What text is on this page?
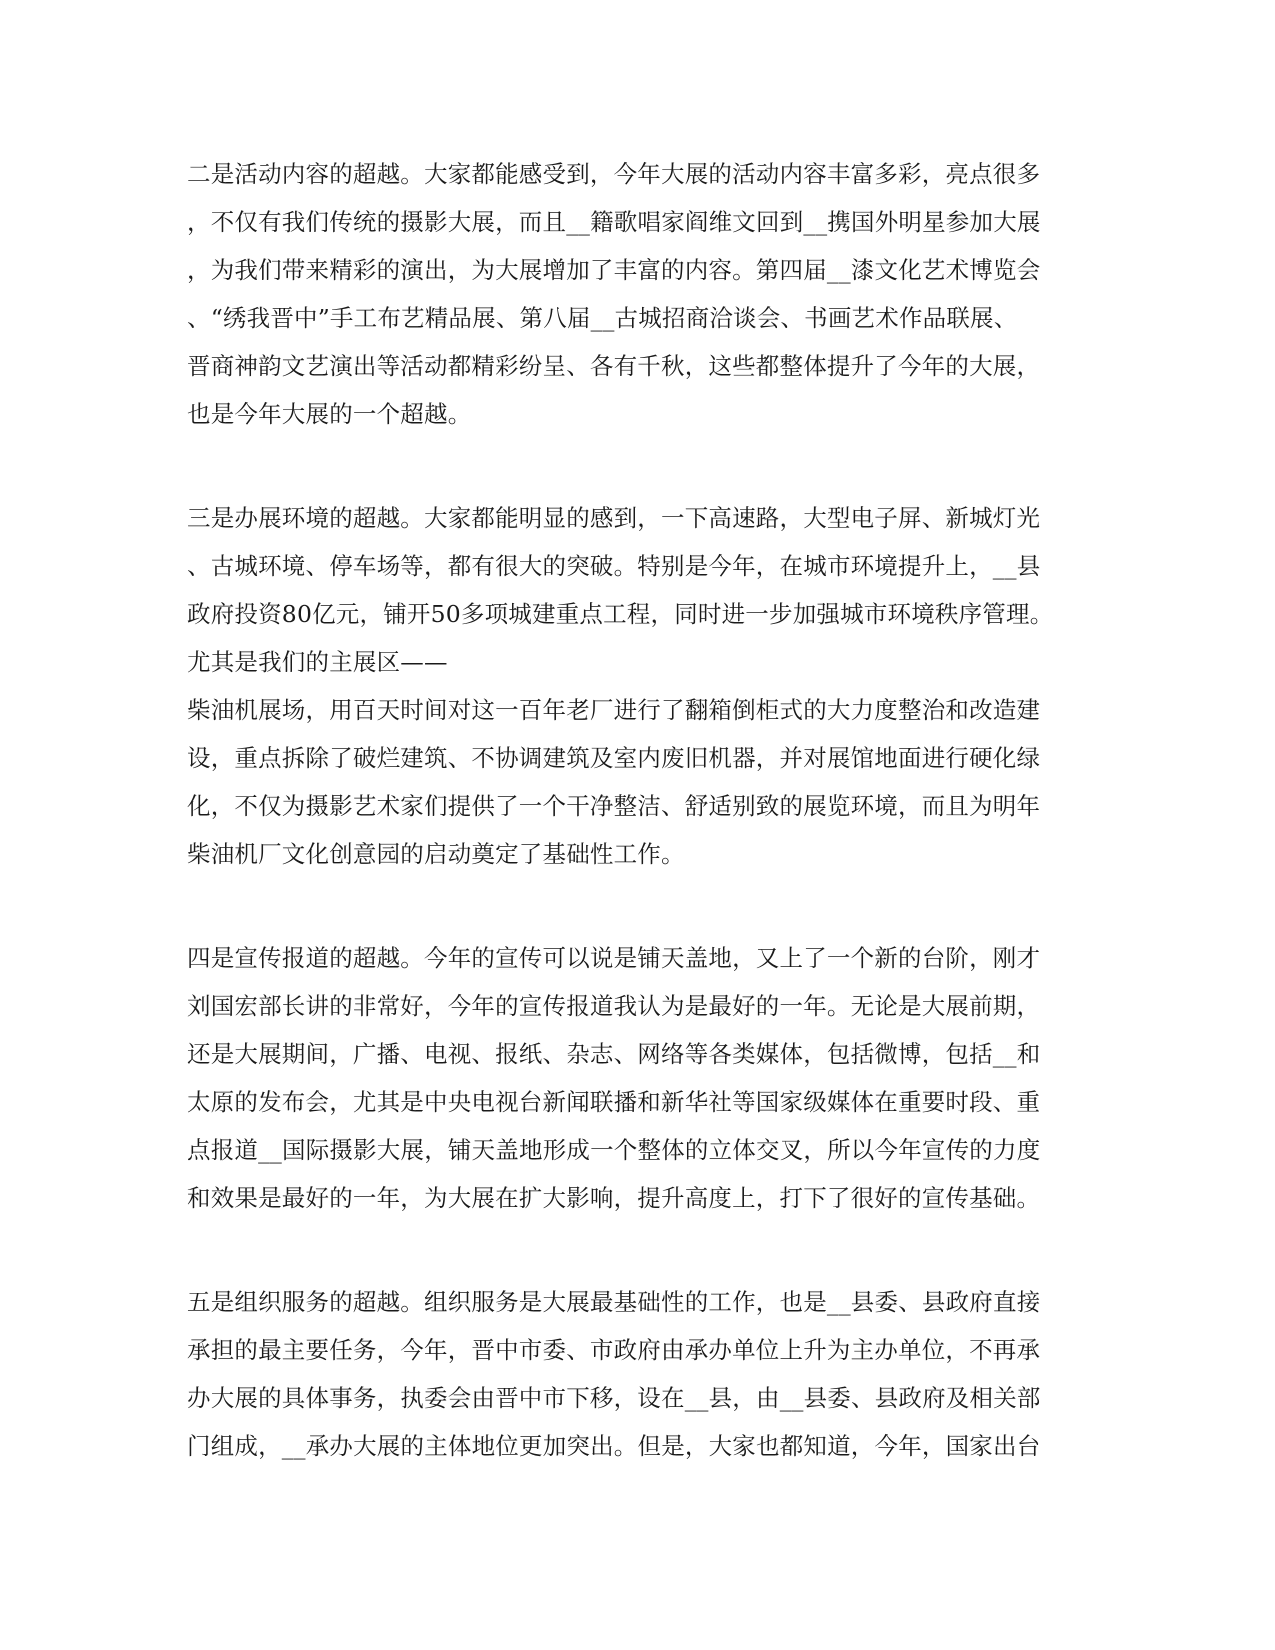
二是活动内容的超越。大家都能感受到，今年大展的活动内容丰富多彩，亮点很多
，不仅有我们传统的摄影大展，而且__籍歌唱家阎维文回到__携国外明星参加大展
，为我们带来精彩的演出，为大展增加了丰富的内容。第四届__漆文化艺术博览会
、“绣我晋中”手工布艺精品展、第八届__古城招商洽谈会、书画艺术作品联展、
晋商神韵文艺演出等活动都精彩纷呈、各有千秋，这些都整体提升了今年的大展，
也是今年大展的一个超越。
三是办展环境的超越。大家都能明显的感到，一下高速路，大型电子屏、新城灯光
、古城环境、停车场等，都有很大的突破。特别是今年，在城市环境提升上，__县
政府投资80亿元，铺开50多项城建重点工程，同时进一步加强城市环境秩序管理。
尤其是我们的主展区——
柴油机展场，用百天时间对这一百年老厂进行了翻箱倒柜式的大力度整治和改造建
设，重点拆除了破烂建筑、不协调建筑及室内废旧机器，并对展馆地面进行硬化绿
化，不仅为摄影艺术家们提供了一个干净整洁、舒适别致的展览环境，而且为明年
柴油机厂文化创意园的启动奠定了基础性工作。
四是宣传报道的超越。今年的宣传可以说是铺天盖地，又上了一个新的台阶，刚才
刘国宏部长讲的非常好，今年的宣传报道我认为是最好的一年。无论是大展前期，
还是大展期间，广播、电视、报纸、杂志、网络等各类媒体，包括微博，包括__和
太原的发布会，尤其是中央电视台新闻联播和新华社等国家级媒体在重要时段、重
点报道__国际摄影大展，铺天盖地形成一个整体的立体交叉，所以今年宣传的力度
和效果是最好的一年，为大展在扩大影响，提升高度上，打下了很好的宣传基础。
五是组织服务的超越。组织服务是大展最基础性的工作，也是__县委、县政府直接
承担的最主要任务，今年，晋中市委、市政府由承办单位上升为主办单位，不再承
办大展的具体事务，执委会由晋中市下移，设在__县，由__县委、县政府及相关部
门组成，__承办大展的主体地位更加突出。但是，大家也都知道，今年，国家出台
